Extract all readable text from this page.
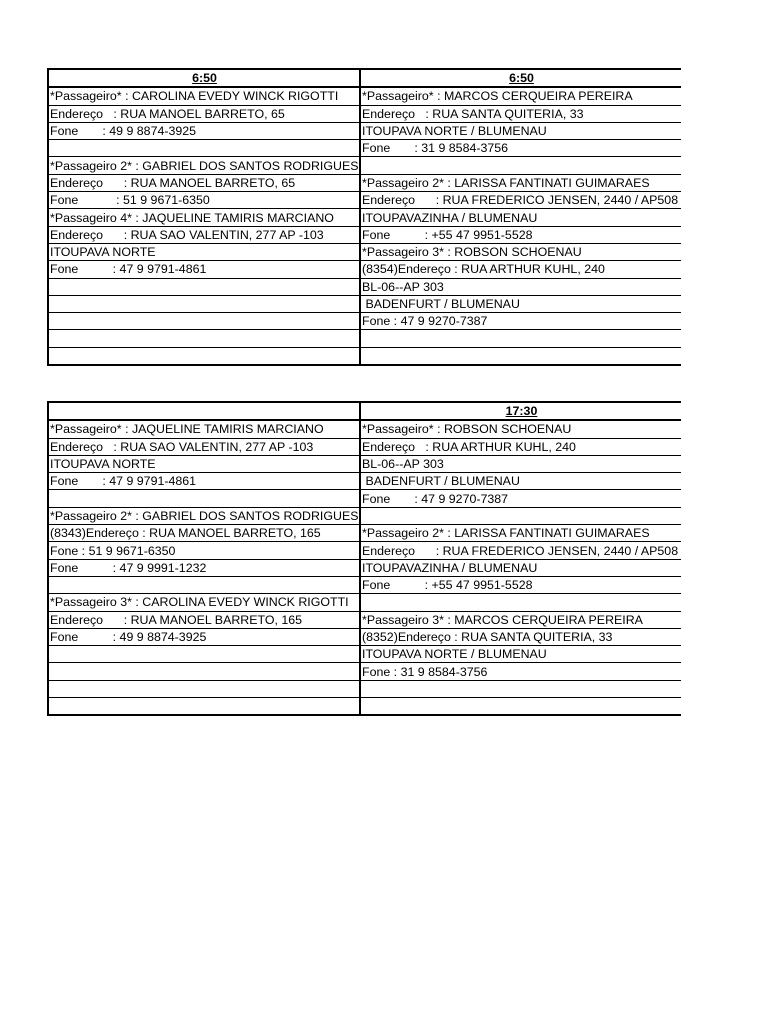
6:50	6:50
*Passageiro* : CAROLINA EVEDY WINCK RIGOTTI	*Passageiro* : MARCOS CERQUEIRA PEREIRA
Endereço   : RUA MANOEL BARRETO, 65	Endereço   : RUA SANTA QUITERIA, 33
Fone       : 49 9 8874-3925	ITOUPAVA NORTE / BLUMENAU
	Fone       : 31 9 8584-3756
*Passageiro 2* : GABRIEL DOS SANTOS RODRIGUES	
Endereço      : RUA MANOEL BARRETO, 65	*Passageiro 2* : LARISSA FANTINATI GUIMARAES
Fone           : 51 9 9671-6350	Endereço      : RUA FREDERICO JENSEN, 2440 / AP508
*Passageiro 4* : JAQUELINE TAMIRIS MARCIANO	ITOUPAVAZINHA / BLUMENAU
Endereço      : RUA SAO VALENTIN, 277 AP -103	Fone          : +55 47 9951-5528
ITOUPAVA NORTE	*Passageiro 3* : ROBSON SCHOENAU
Fone          : 47 9 9791-4861	(8354)Endereço : RUA ARTHUR KUHL, 240
	BL-06--AP 303
	BADENFURT / BLUMENAU
	Fone : 47 9 9270-7387

	17:30
*Passageiro* : JAQUELINE TAMIRIS MARCIANO	*Passageiro* : ROBSON SCHOENAU
Endereço   : RUA SAO VALENTIN, 277 AP -103	Endereço   : RUA ARTHUR KUHL, 240
ITOUPAVA NORTE	BL-06--AP 303
Fone       : 47 9 9791-4861	BADENFURT / BLUMENAU
	Fone       : 47 9 9270-7387
*Passageiro 2* : GABRIEL DOS SANTOS RODRIGUES	
(8343)Endereço : RUA MANOEL BARRETO, 165	*Passageiro 2* : LARISSA FANTINATI GUIMARAES
Fone : 51 9 9671-6350	Endereço      : RUA FREDERICO JENSEN, 2440 / AP508
Fone          : 47 9 9991-1232	ITOUPAVAZINHA / BLUMENAU
	Fone          : +55 47 9951-5528
*Passageiro 3* : CAROLINA EVEDY WINCK RIGOTTI	
Endereço      : RUA MANOEL BARRETO, 165	*Passageiro 3* : MARCOS CERQUEIRA PEREIRA
Fone          : 49 9 8874-3925	(8352)Endereço : RUA SANTA QUITERIA, 33
	ITOUPAVA NORTE / BLUMENAU
	Fone : 31 9 8584-3756
